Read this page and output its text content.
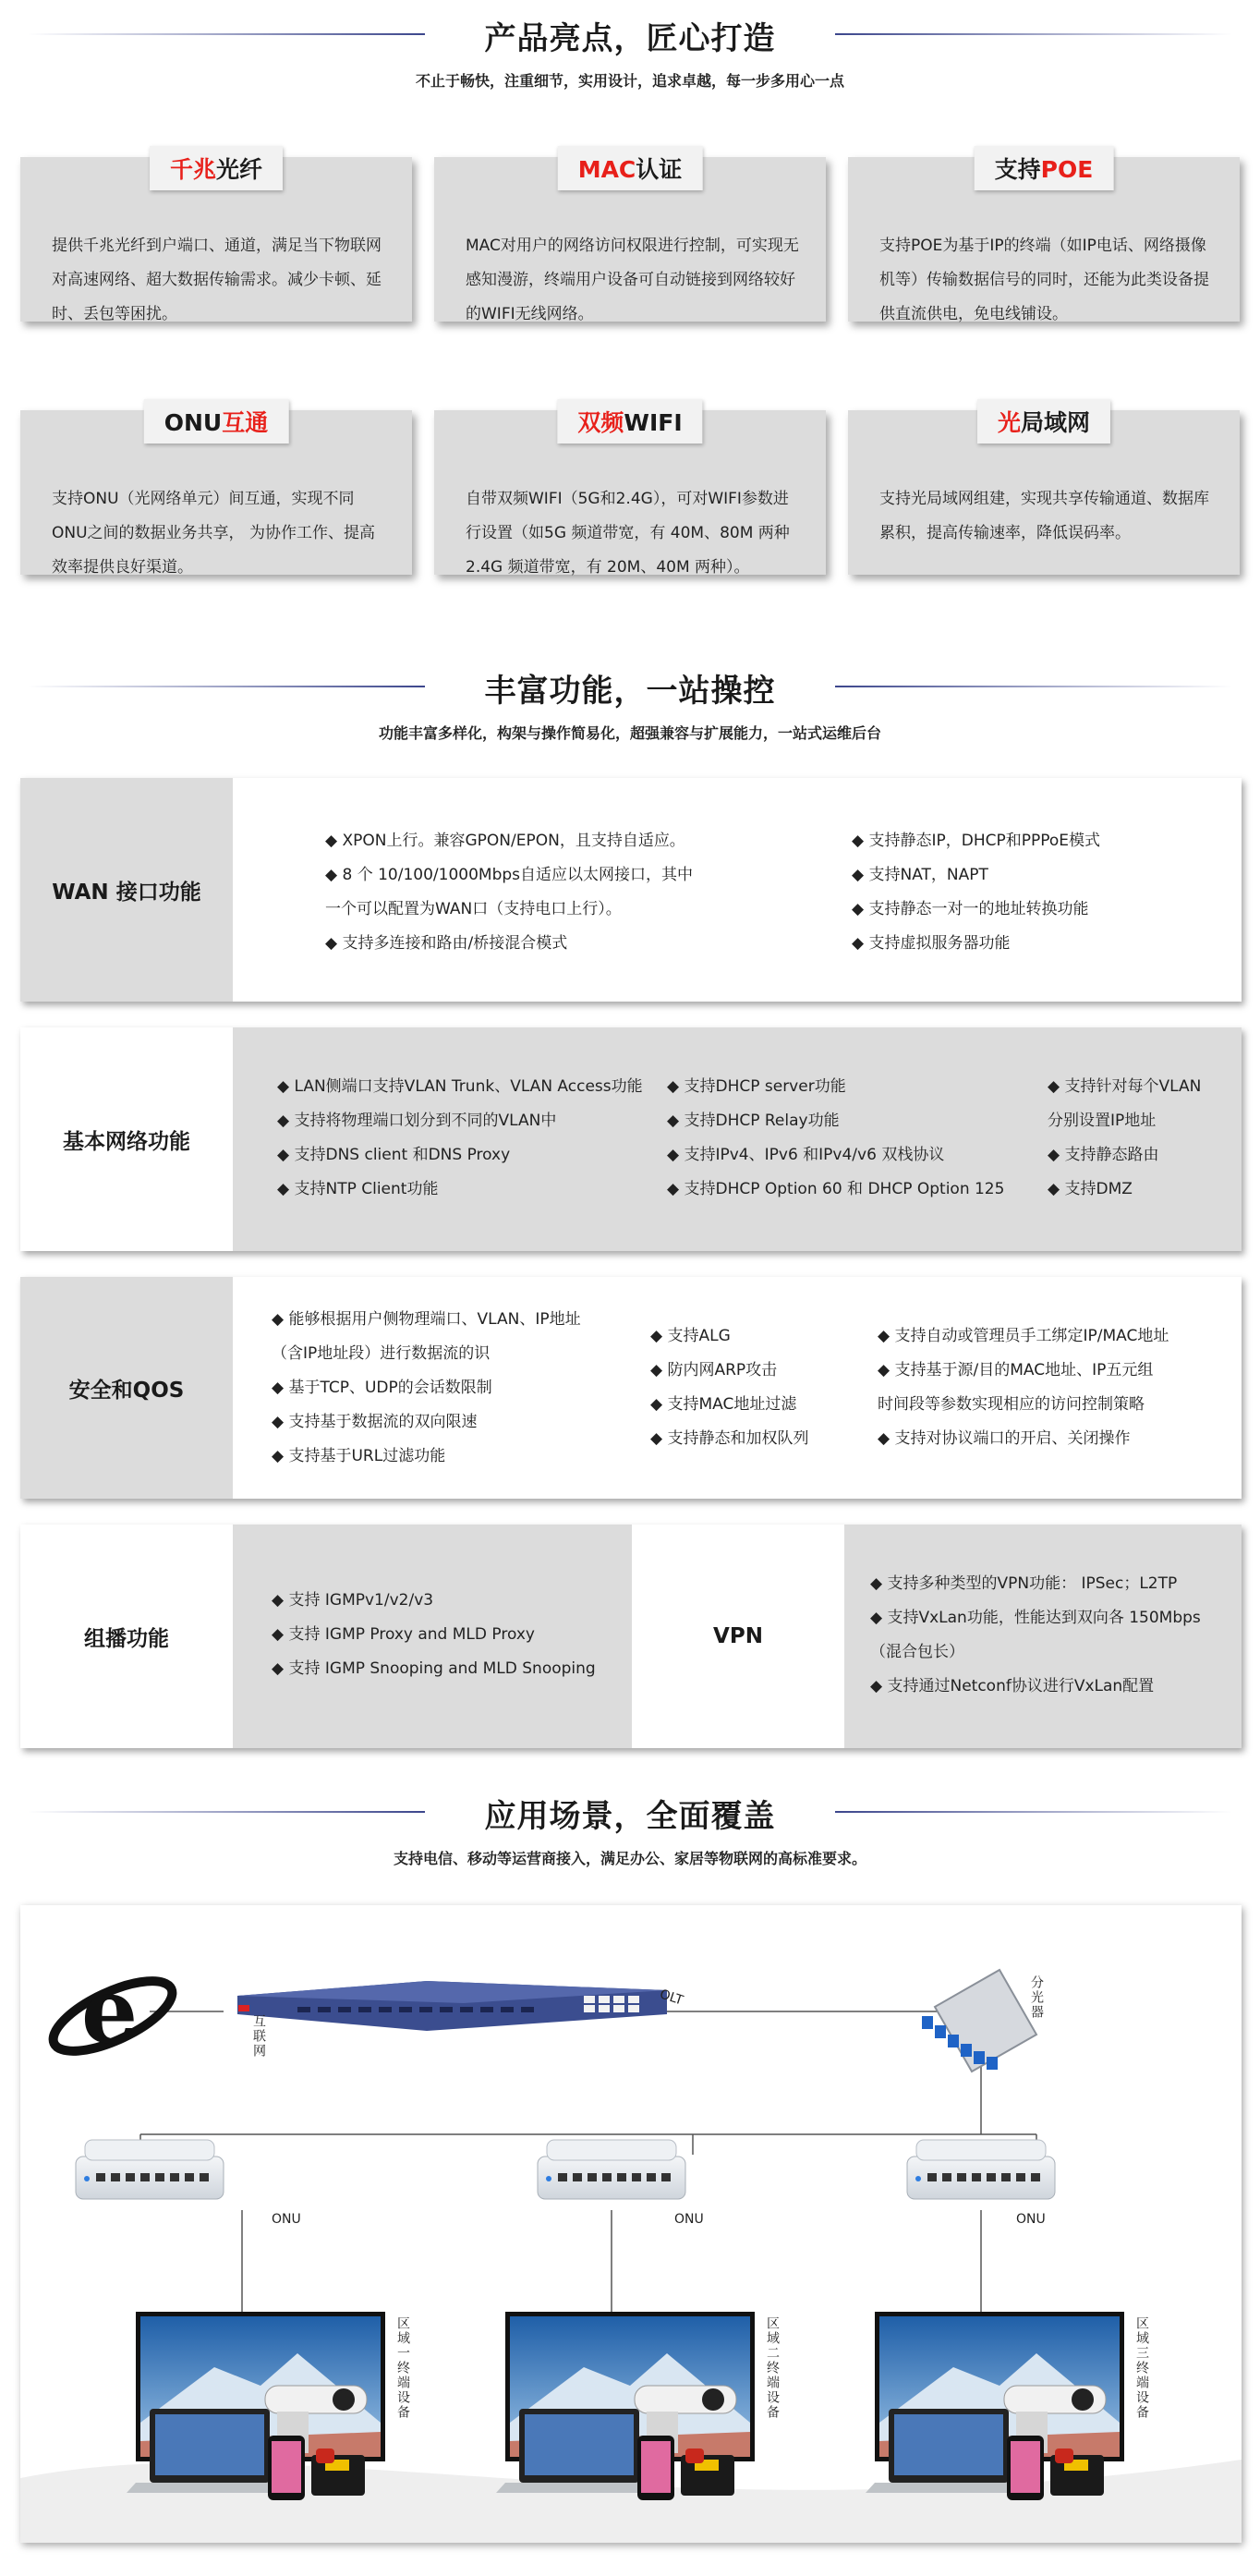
产品亮点，匠心打造
不止于畅快，注重细节，实用设计，追求卓越，每一步多用心一点
千兆光纤
提供千兆光纤到户端口、通道，满足当下物联网对高速网络、超大数据传输需求。减少卡顿、延时、丢包等困扰。
MAC认证
MAC对用户的网络访问权限进行控制，可实现无感知漫游，终端用户设备可自动链接到网络较好的WIFI无线网络。
支持POE
支持POE为基于IP的终端（如IP电话、网络摄像机等）传输数据信号的同时，还能为此类设备提供直流供电，免电线铺设。
ONU互通
支持ONU（光网络单元）间互通，实现不同ONU之间的数据业务共享， 为协作工作、提高效率提供良好渠道。
双频WIFI
自带双频WIFI（5G和2.4G），可对WIFI参数进行设置（如5G 频道带宽，有 40M、80M 两种 2.4G 频道带宽，有 20M、40M 两种）。
光局域网
支持光局域网组建，实现共享传输通道、数据库累积，提高传输速率，降低误码率。
丰富功能，一站操控
功能丰富多样化，构架与操作简易化，超强兼容与扩展能力，一站式运维后台
WAN 接口功能
◆ XPON上行。兼容GPON/EPON，且支持自适应。
◆ 8 个 10/100/1000Mbps自适应以太网接口，其中
一个可以配置为WAN口（支持电口上行）。
◆ 支持多连接和路由/桥接混合模式
◆ 支持静态IP，DHCP和PPPoE模式
◆ 支持NAT，NAPT
◆ 支持静态一对一的地址转换功能
◆ 支持虚拟服务器功能
基本网络功能
◆ LAN侧端口支持VLAN Trunk、VLAN Access功能
◆ 支持将物理端口划分到不同的VLAN中
◆ 支持DNS client 和DNS Proxy
◆ 支持NTP Client功能
◆ 支持DHCP server功能
◆ 支持DHCP Relay功能
◆ 支持IPv4、IPv6 和IPv4/v6 双栈协议
◆ 支持DHCP Option 60 和 DHCP Option 125
◆ 支持针对每个VLAN
分别设置IP地址
◆ 支持静态路由
◆ 支持DMZ
安全和QOS
◆ 能够根据用户侧物理端口、VLAN、IP地址
（含IP地址段）进行数据流的识
◆ 基于TCP、UDP的会话数限制
◆ 支持基于数据流的双向限速
◆ 支持基于URL过滤功能
◆ 支持ALG
◆ 防内网ARP攻击
◆ 支持MAC地址过滤
◆ 支持静态和加权队列
◆ 支持自动或管理员手工绑定IP/MAC地址
◆ 支持基于源/目的MAC地址、IP五元组
时间段等参数实现相应的访问控制策略
◆ 支持对协议端口的开启、关闭操作
组播功能
◆ 支持 IGMPv1/v2/v3
◆ 支持 IGMP Proxy and MLD Proxy
◆ 支持 IGMP Snooping and MLD Snooping
VPN
◆ 支持多种类型的VPN功能： IPSec；L2TP
◆ 支持VxLan功能，性能达到双向各 150Mbps
（混合包长）
◆ 支持通过Netconf协议进行VxLan配置
应用场景，全面覆盖
支持电信、移动等运营商接入，满足办公、家居等物联网的高标准要求。
e	互联网
OLT	分光器
ONU	ONU	ONU
区域一终端设备	区域二终端设备	区域三终端设备
